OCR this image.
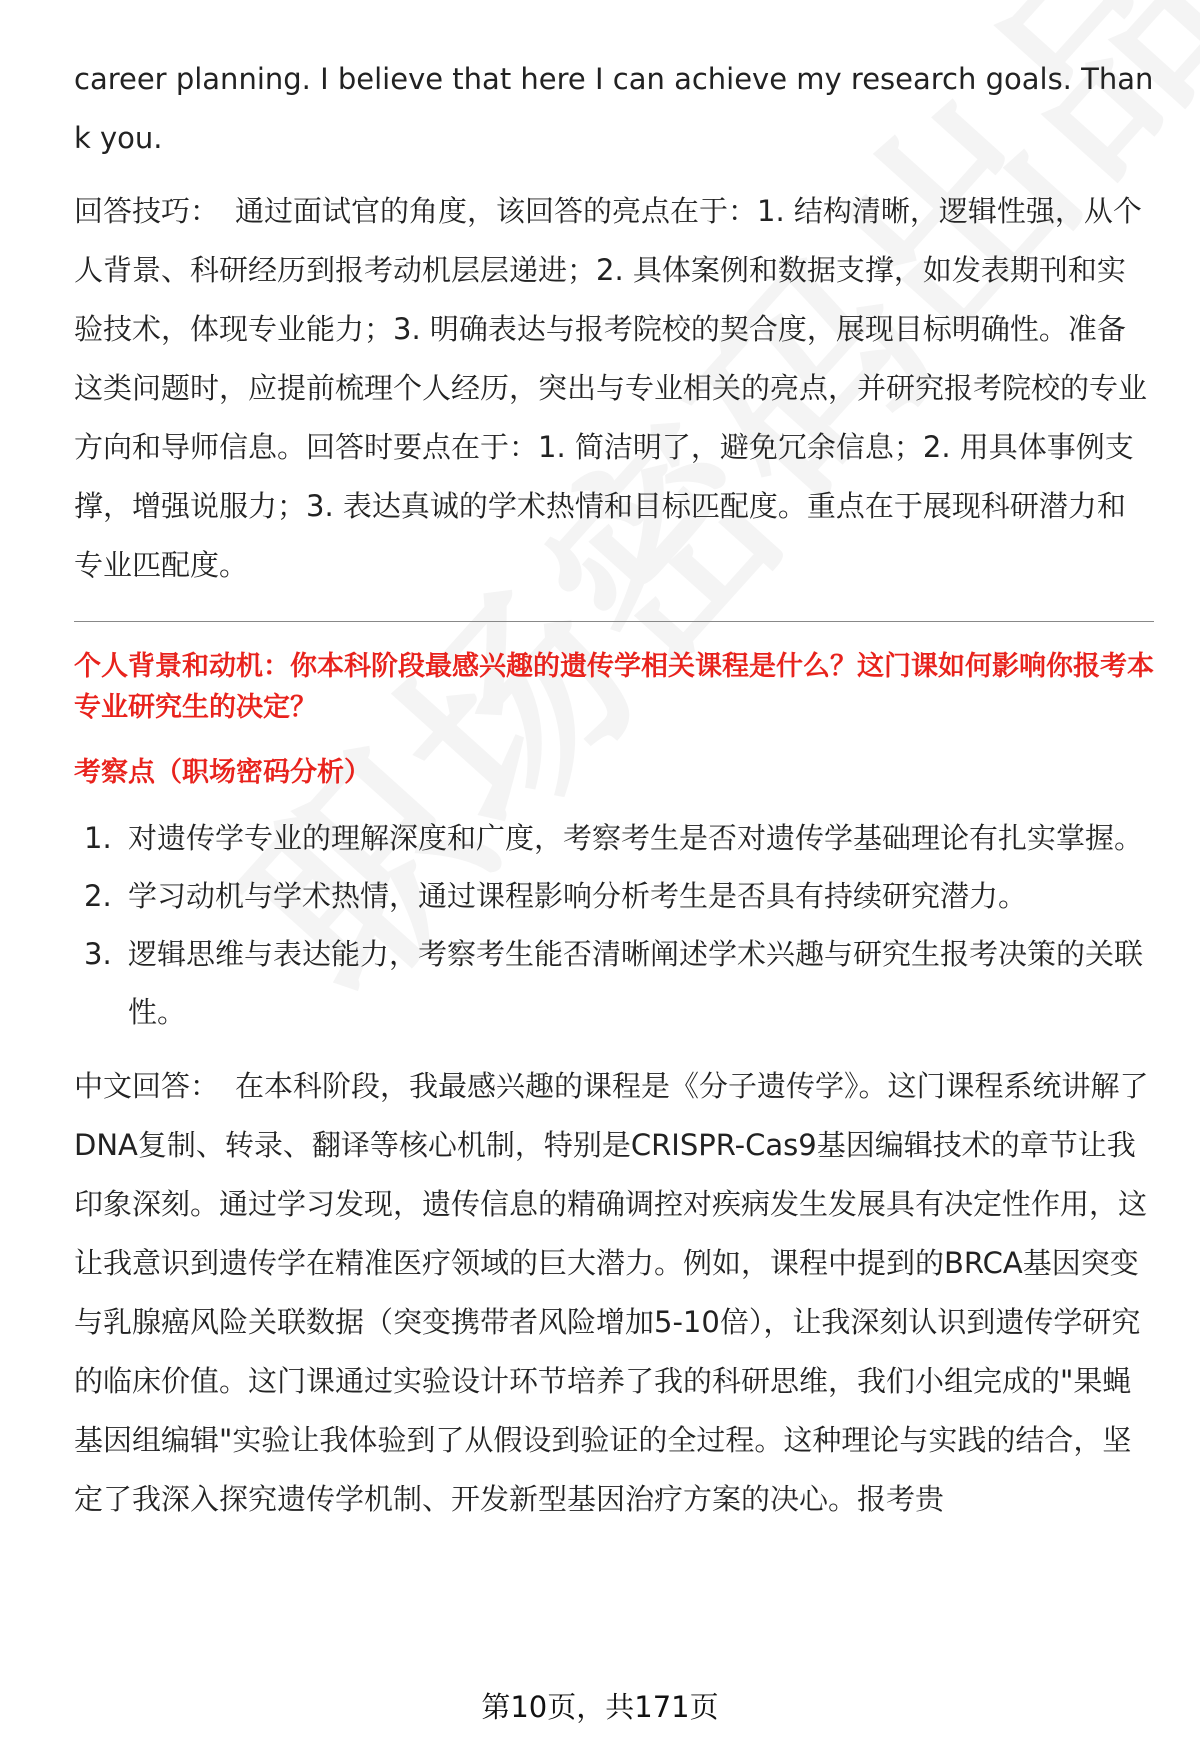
career planning. I believe that here I can achieve my research goals. Thank you.

回答技巧： 通过面试官的角度，该回答的亮点在于：1. 结构清晰，逻辑性强，从个人背景、科研经历到报考动机层层递进；2. 具体案例和数据支撑，如发表期刊和实验技术，体现专业能力；3. 明确表达与报考院校的契合度，展现目标明确性。准备这类问题时，应提前梳理个人经历，突出与专业相关的亮点，并研究报考院校的专业方向和导师信息。回答时要点在于：1. 简洁明了，避免冗余信息；2. 用具体事例支撑，增强说服力；3. 表达真诚的学术热情和目标匹配度。重点在于展现科研潜力和专业匹配度。

个人背景和动机：你本科阶段最感兴趣的遗传学相关课程是什么？这门课如何影响你报考本专业研究生的决定？

考察点（职场密码分析）

1. 对遗传学专业的理解深度和广度，考察考生是否对遗传学基础理论有扎实掌握。
2. 学习动机与学术热情，通过课程影响分析考生是否具有持续研究潜力。
3. 逻辑思维与表达能力，考察考生能否清晰阐述学术兴趣与研究生报考决策的关联性。

中文回答： 在本科阶段，我最感兴趣的课程是《分子遗传学》。这门课程系统讲解了DNA复制、转录、翻译等核心机制，特别是CRISPR-Cas9基因编辑技术的章节让我印象深刻。通过学习发现，遗传信息的精确调控对疾病发生发展具有决定性作用，这让我意识到遗传学在精准医疗领域的巨大潜力。例如，课程中提到的BRCA基因突变与乳腺癌风险关联数据（突变携带者风险增加5-10倍），让我深刻认识到遗传学研究的临床价值。这门课通过实验设计环节培养了我的科研思维，我们小组完成的"果蝇基因组编辑"实验让我体验到了从假设到验证的全过程。这种理论与实践的结合，坚定了我深入探究遗传学机制、开发新型基因治疗方案的决心。报考贵

第10页，共171页
